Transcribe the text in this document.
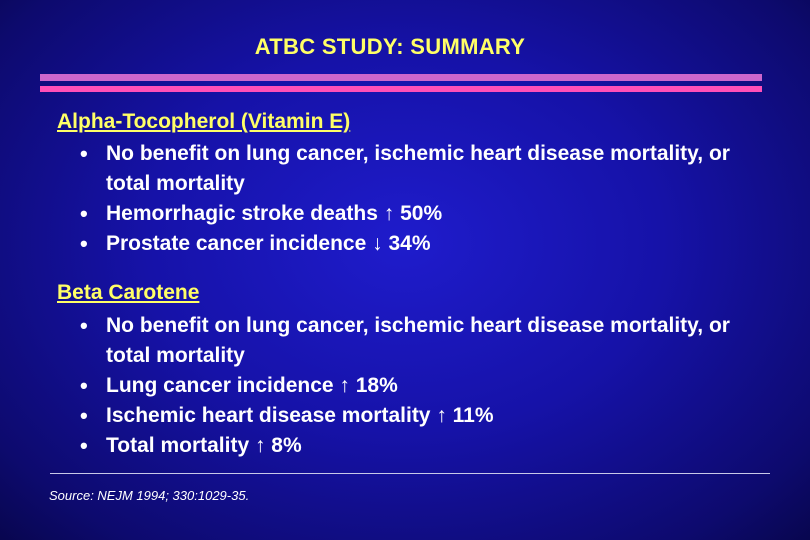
ATBC STUDY: SUMMARY
Alpha-Tocopherol (Vitamin E)
• No benefit on lung cancer, ischemic heart disease mortality, or total mortality
• Hemorrhagic stroke deaths ↑ 50%
• Prostate cancer incidence ↓ 34%
Beta Carotene
• No benefit on lung cancer, ischemic heart disease mortality, or total mortality
• Lung cancer incidence ↑ 18%
• Ischemic heart disease mortality ↑ 11%
• Total mortality ↑ 8%
Source: NEJM 1994; 330:1029-35.
